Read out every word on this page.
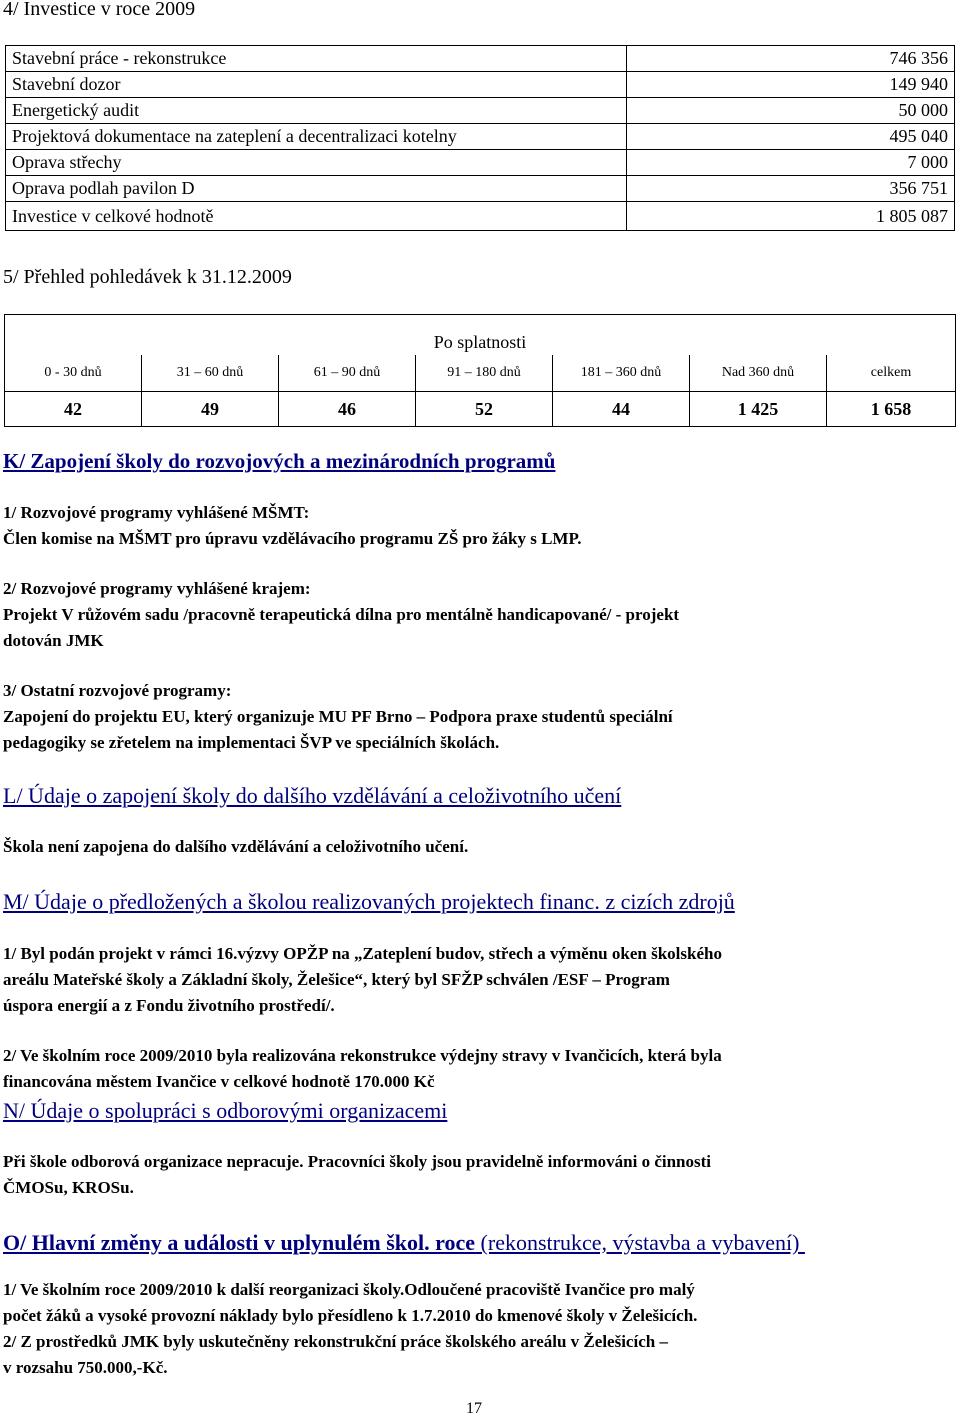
4/ Investice v roce 2009
Stavební práce - rekonstrukce	746 356
Stavební dozor	149 940
Energetický audit	50 000
Projektová dokumentace na zateplení a decentralizaci kotelny	495 040
Oprava střechy	7 000
Oprava podlah pavilon D	356 751
Investice v celkové hodnotě	1 805 087
5/ Přehled pohledávek k 31.12.2009
Po splatnosti						
0 - 30 dnů	31 – 60 dnů	61 – 90 dnů	91 – 180 dnů	181 – 360 dnů	Nad 360 dnů	celkem
42	49	46	52	44	1 425	1 658
K/ Zapojení školy do rozvojových a mezinárodních programů
1/ Rozvojové programy vyhlášené MŠMT:
Člen komise na MŠMT pro úpravu vzdělávacího programu ZŠ pro žáky s LMP.
2/ Rozvojové programy vyhlášené krajem:
Projekt V růžovém sadu /pracovně terapeutická dílna pro mentálně handicapované/ - projekt
dotován JMK
3/ Ostatní rozvojové programy:
Zapojení do projektu EU, který organizuje MU PF Brno – Podpora praxe studentů speciální
pedagogiky se zřetelem na implementaci ŠVP ve speciálních školách.
L/ Údaje o zapojení školy do dalšího vzdělávání a celoživotního učení
Škola není zapojena do dalšího vzdělávání a celoživotního učení.
M/ Údaje o předložených a školou realizovaných projektech financ. z cizích zdrojů
1/ Byl podán projekt v rámci 16.výzvy OPŽP na „Zateplení budov, střech a výměnu oken školského
areálu Mateřské školy a Základní školy, Želešice“, který byl SFŽP schválen /ESF – Program
úspora energií a z Fondu životního prostředí/.
2/ Ve školním roce 2009/2010 byla realizována rekonstrukce výdejny stravy v Ivančicích, která byla
financována městem Ivančice v celkové hodnotě 170.000 Kč
N/ Údaje o spolupráci s odborovými organizacemi
Při škole odborová organizace nepracuje. Pracovníci školy jsou pravidelně informováni o činnosti
ČMOSu, KROSu.
O/ Hlavní změny a události v uplynulém škol. roce (rekonstrukce, výstavba a vybavení)
1/ Ve školním roce 2009/2010 k další reorganizaci školy.Odloučené pracoviště Ivančice pro malý
počet žáků a vysoké provozní náklady bylo přesídleno k 1.7.2010 do kmenové školy v Želešicích.
2/ Z prostředků JMK byly uskutečněny rekonstrukční práce školského areálu v Želešicích –
v rozsahu 750.000,-Kč.
17
